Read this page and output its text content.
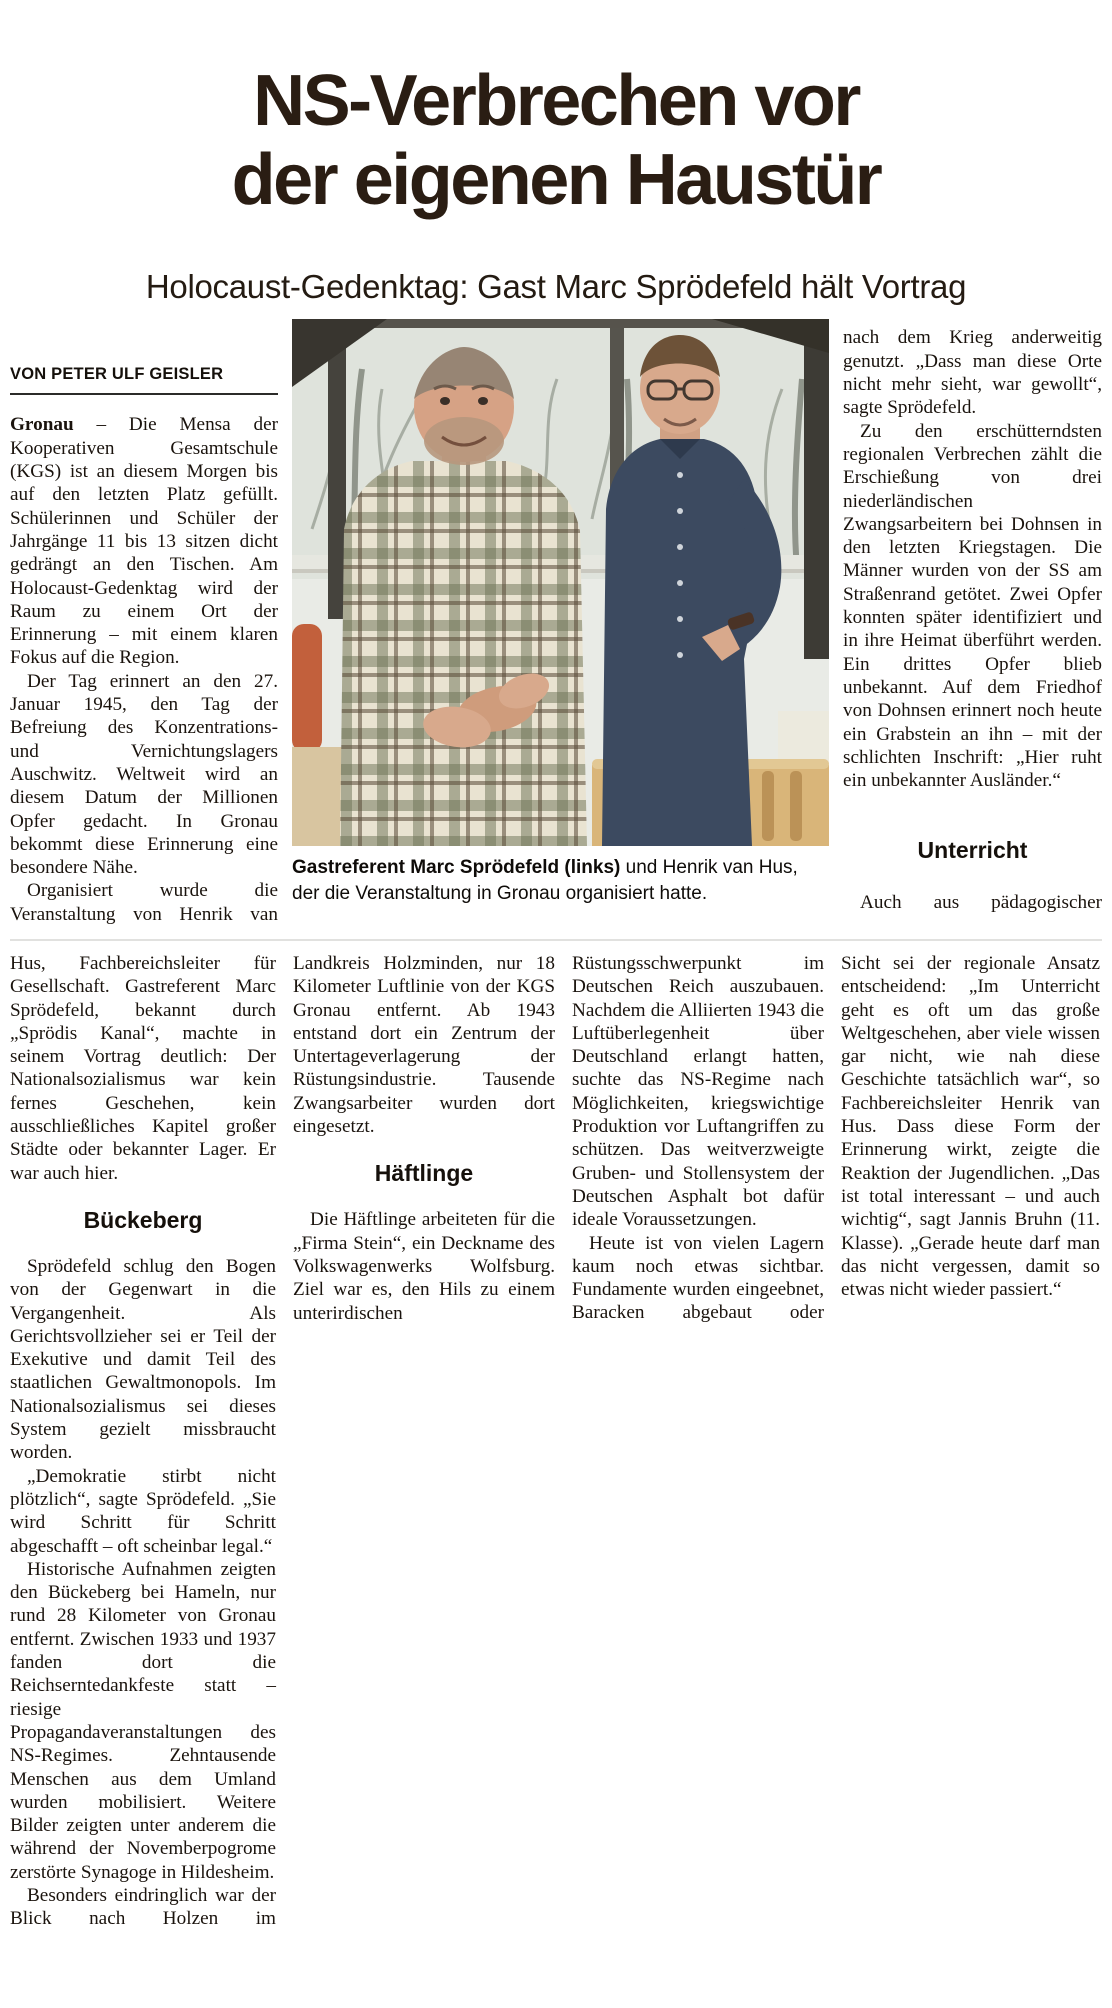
NS-Verbrechen vor
der eigenen Haustür
Holocaust-Gedenktag: Gast Marc Sprödefeld hält Vortrag
VON PETER ULF GEISLER

Gronau – Die Mensa der Kooperativen Gesamtschule (KGS) ist an diesem Morgen bis auf den letzten Platz gefüllt. Schülerinnen und Schüler der Jahrgänge 11 bis 13 sitzen dicht gedrängt an den Tischen. Am Holocaust-Gedenktag wird der Raum zu einem Ort der Erinnerung – mit einem klaren Fokus auf die Region.

Der Tag erinnert an den 27. Januar 1945, den Tag der Befreiung des Konzentrations- und Vernichtungslagers Auschwitz. Weltweit wird an diesem Datum der Millionen Opfer gedacht. In Gronau bekommt diese Erinnerung eine besondere Nähe.

Organisiert wurde die Veranstaltung von Henrik van

Gastreferent Marc Sprödefeld (links) und Henrik van Hus, der die Veranstaltung in Gronau organisiert hatte.

nach dem Krieg anderweitig genutzt. „Dass man diese Orte nicht mehr sieht, war gewollt“, sagte Sprödefeld.

Zu den erschütterndsten regionalen Verbrechen zählt die Erschießung von drei niederländischen Zwangsarbeitern bei Dohnsen in den letzten Kriegstagen. Die Männer wurden von der SS am Straßenrand getötet. Zwei Opfer konnten später identifiziert und in ihre Heimat überführt werden. Ein drittes Opfer blieb unbekannt. Auf dem Friedhof von Dohnsen erinnert noch heute ein Grabstein an ihn – mit der schlichten Inschrift: „Hier ruht ein unbekannter Ausländer.“

Unterricht

Auch aus pädagogischer

Hus, Fachbereichsleiter für Gesellschaft. Gastreferent Marc Sprödefeld, bekannt durch „Sprödis Kanal“, machte in seinem Vortrag deutlich: Der Nationalsozialismus war kein fernes Geschehen, kein ausschließliches Kapitel großer Städte oder bekannter Lager. Er war auch hier.

Bückeberg

Sprödefeld schlug den Bogen von der Gegenwart in die Vergangenheit. Als Gerichtsvollzieher sei er Teil der Exekutive und damit Teil des staatlichen Gewaltmonopols. Im Nationalsozialismus sei dieses System gezielt missbraucht worden.

„Demokratie stirbt nicht plötzlich“, sagte Sprödefeld. „Sie wird Schritt für Schritt abgeschafft – oft scheinbar legal.“

Historische Aufnahmen zeigten den Bückeberg bei Hameln, nur rund 28 Kilometer von Gronau entfernt. Zwischen 1933 und 1937 fanden dort die Reichserntedankfeste statt – riesige Propagandaveranstaltungen des NS-Regimes. Zehntausende Menschen aus dem Umland wurden mobilisiert. Weitere Bilder zeigten unter anderem die während der Novemberpogrome zerstörte Synagoge in Hildesheim.

Besonders eindringlich war der Blick nach Holzen im

Landkreis Holzminden, nur 18 Kilometer Luftlinie von der KGS Gronau entfernt. Ab 1943 entstand dort ein Zentrum der Untertageverlagerung der Rüstungsindustrie. Tausende Zwangsarbeiter wurden dort eingesetzt.

Häftlinge

Die Häftlinge arbeiteten für die „Firma Stein“, ein Deckname des Volkswagenwerks Wolfsburg. Ziel war es, den Hils zu einem unterirdischen

Rüstungsschwerpunkt im Deutschen Reich auszubauen. Nachdem die Alliierten 1943 die Luftüberlegenheit über Deutschland erlangt hatten, suchte das NS-Regime nach Möglichkeiten, kriegswichtige Produktion vor Luftangriffen zu schützen. Das weitverzweigte Gruben- und Stollensystem der Deutschen Asphalt bot dafür ideale Voraussetzungen.

Heute ist von vielen Lagern kaum noch etwas sichtbar. Fundamente wurden eingeebnet, Baracken abgebaut oder

Sicht sei der regionale Ansatz entscheidend: „Im Unterricht geht es oft um das große Weltgeschehen, aber viele wissen gar nicht, wie nah diese Geschichte tatsächlich war“, so Fachbereichsleiter Henrik van Hus. Dass diese Form der Erinnerung wirkt, zeigte die Reaktion der Jugendlichen. „Das ist total interessant – und auch wichtig“, sagt Jannis Bruhn (11. Klasse). „Gerade heute darf man das nicht vergessen, damit so etwas nicht wieder passiert.“
